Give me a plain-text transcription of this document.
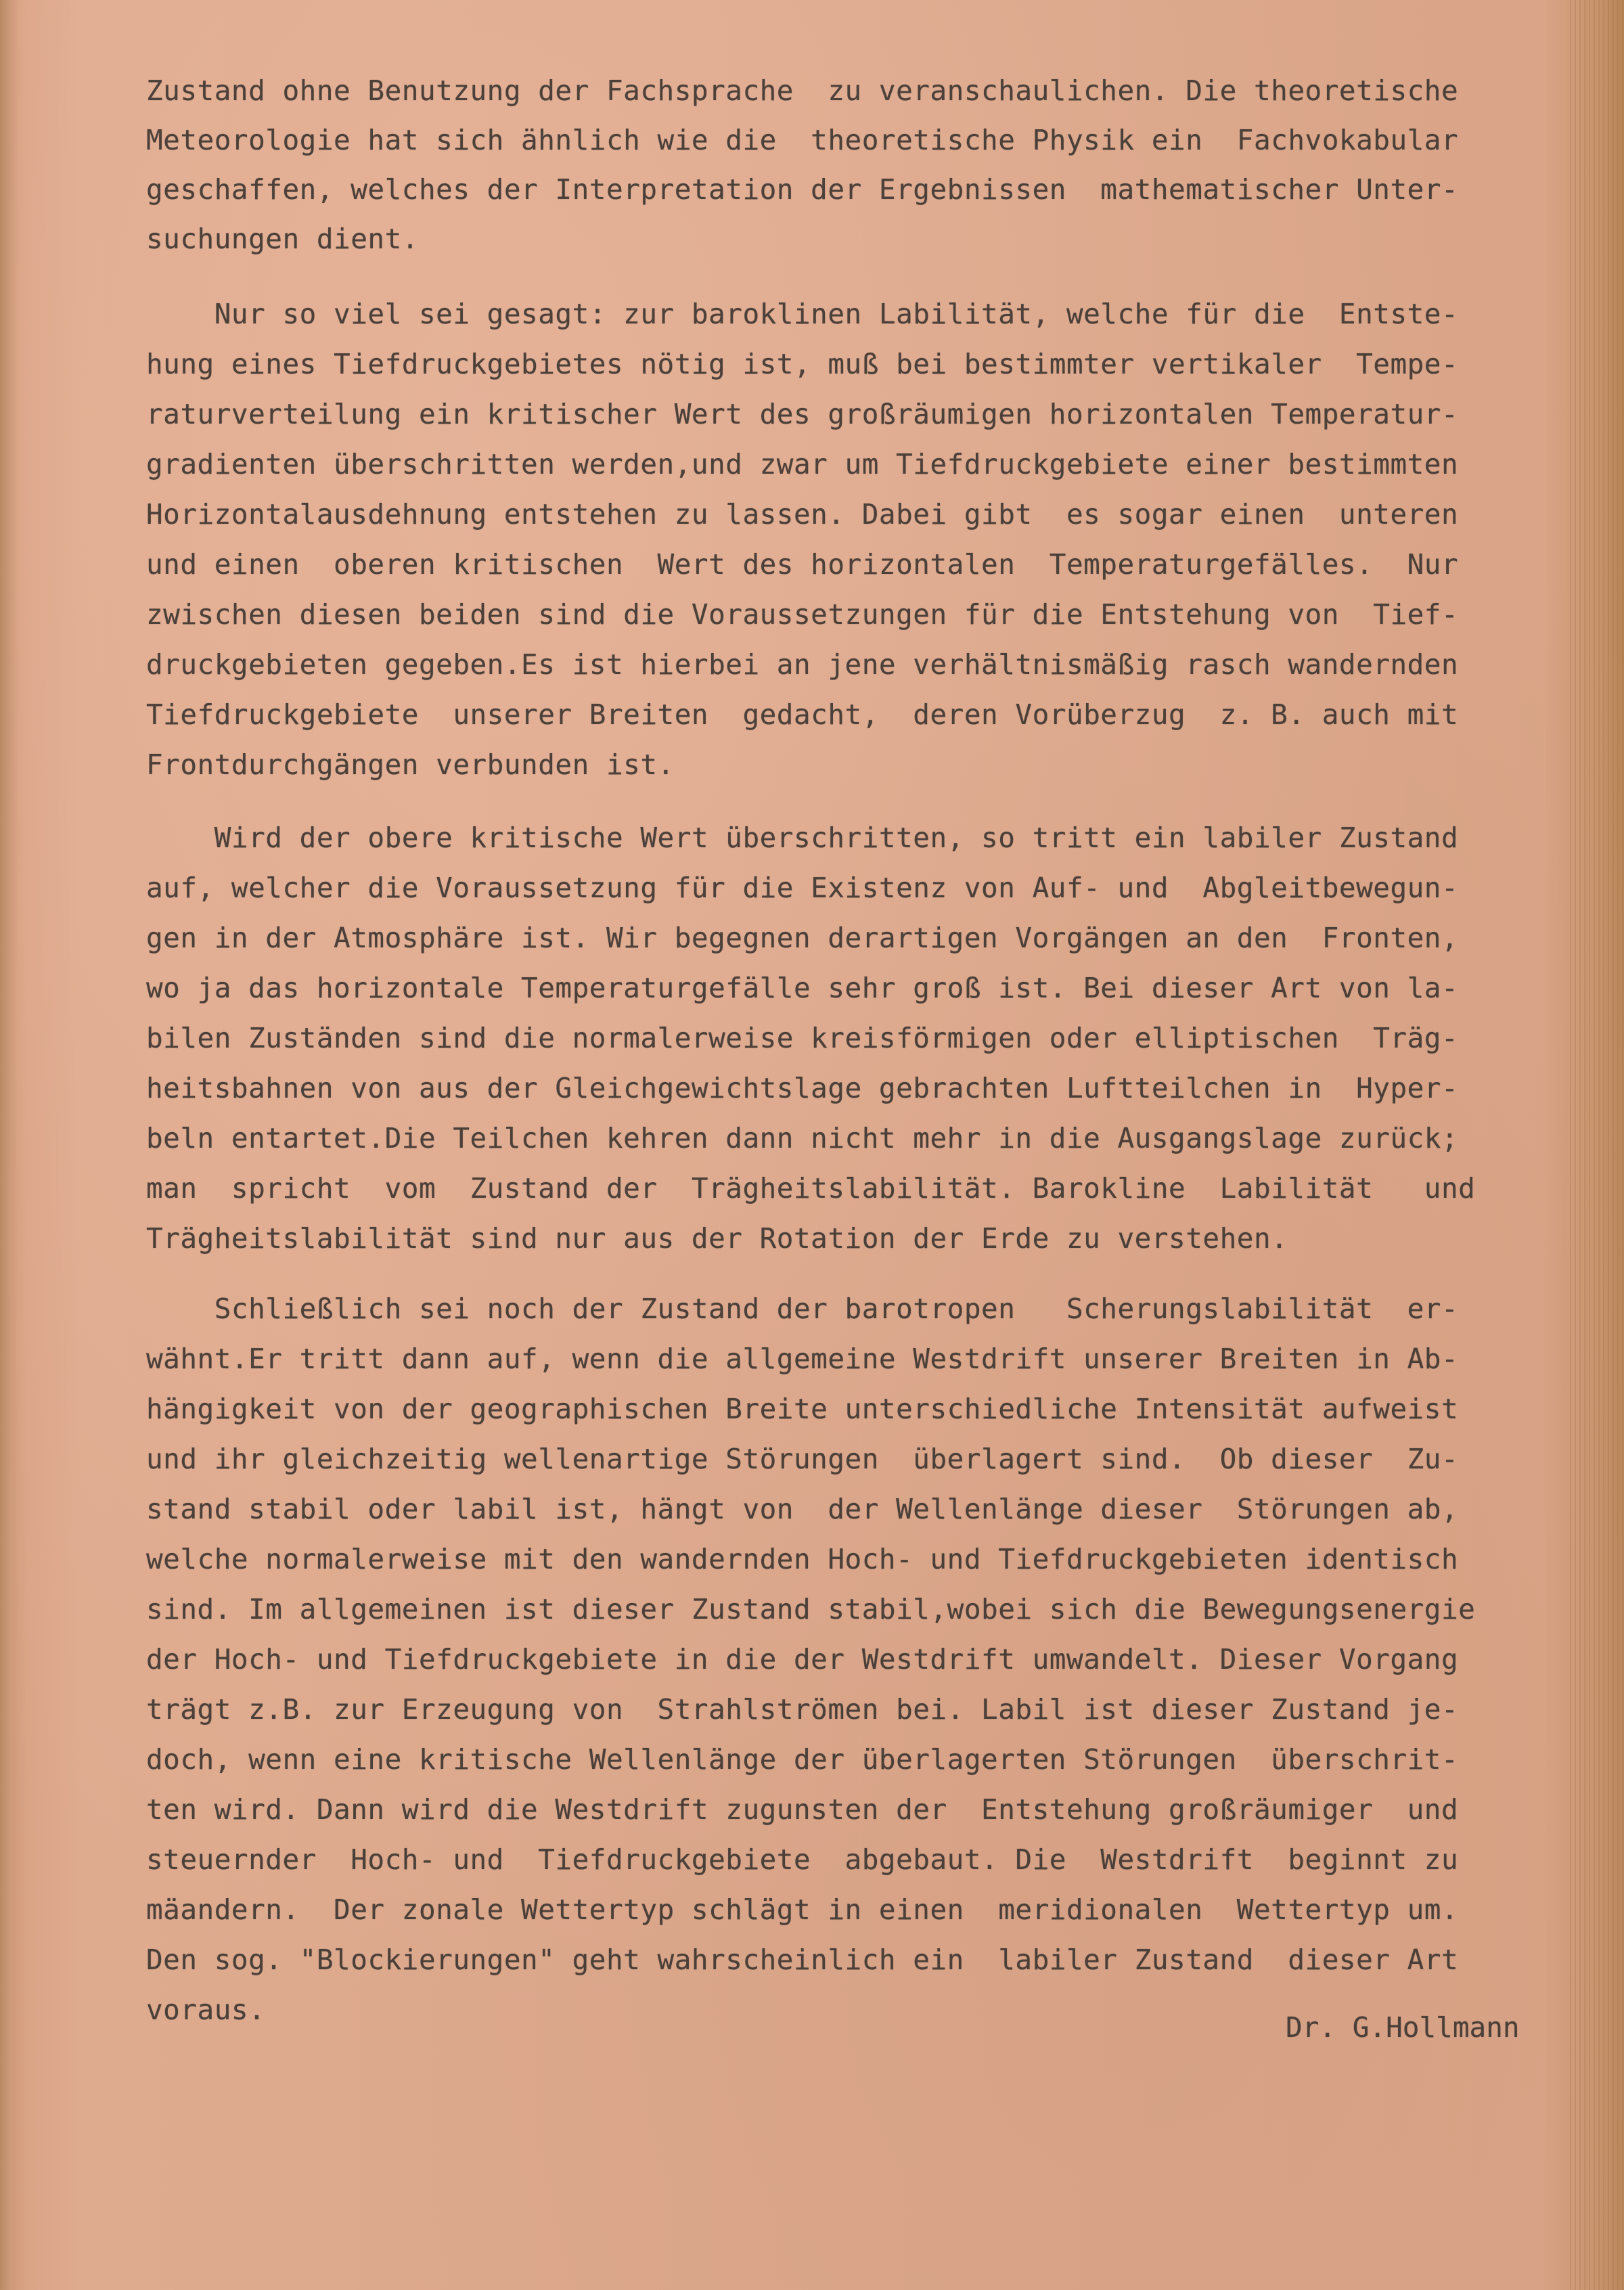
Zustand ohne Benutzung der Fachsprache  zu veranschaulichen. Die theoretische
Meteorologie hat sich ähnlich wie die  theoretische Physik ein  Fachvokabular
geschaffen, welches der Interpretation der Ergebnissen  mathematischer Unter-
suchungen dient.
Nur so viel sei gesagt: zur baroklinen Labilität, welche für die  Entste-
hung eines Tiefdruckgebietes nötig ist, muß bei bestimmter vertikaler  Tempe-
raturverteilung ein kritischer Wert des großräumigen horizontalen Temperatur-
gradienten überschritten werden,und zwar um Tiefdruckgebiete einer bestimmten
Horizontalausdehnung entstehen zu lassen. Dabei gibt  es sogar einen  unteren
und einen  oberen kritischen  Wert des horizontalen  Temperaturgefälles.  Nur
zwischen diesen beiden sind die Voraussetzungen für die Entstehung von  Tief-
druckgebieten gegeben.Es ist hierbei an jene verhältnismäßig rasch wandernden
Tiefdruckgebiete  unserer Breiten  gedacht,  deren Vorüberzug  z. B. auch mit
Frontdurchgängen verbunden ist.
Wird der obere kritische Wert überschritten, so tritt ein labiler Zustand
auf, welcher die Voraussetzung für die Existenz von Auf- und  Abgleitbewegun-
gen in der Atmosphäre ist. Wir begegnen derartigen Vorgängen an den  Fronten,
wo ja das horizontale Temperaturgefälle sehr groß ist. Bei dieser Art von la-
bilen Zuständen sind die normalerweise kreisförmigen oder elliptischen  Träg-
heitsbahnen von aus der Gleichgewichtslage gebrachten Luftteilchen in  Hyper-
beln entartet.Die Teilchen kehren dann nicht mehr in die Ausgangslage zurück;
man  spricht  vom  Zustand der  Trägheitslabilität. Barokline  Labilität   und
Trägheitslabilität sind nur aus der Rotation der Erde zu verstehen.
Schließlich sei noch der Zustand der barotropen   Scherungslabilität  er-
wähnt.Er tritt dann auf, wenn die allgemeine Westdrift unserer Breiten in Ab-
hängigkeit von der geographischen Breite unterschiedliche Intensität aufweist
und ihr gleichzeitig wellenartige Störungen  überlagert sind.  Ob dieser  Zu-
stand stabil oder labil ist, hängt von  der Wellenlänge dieser  Störungen ab,
welche normalerweise mit den wandernden Hoch- und Tiefdruckgebieten identisch
sind. Im allgemeinen ist dieser Zustand stabil,wobei sich die Bewegungsenergie
der Hoch- und Tiefdruckgebiete in die der Westdrift umwandelt. Dieser Vorgang
trägt z.B. zur Erzeugung von  Strahlströmen bei. Labil ist dieser Zustand je-
doch, wenn eine kritische Wellenlänge der überlagerten Störungen  überschrit-
ten wird. Dann wird die Westdrift zugunsten der  Entstehung großräumiger  und
steuernder  Hoch- und  Tiefdruckgebiete  abgebaut. Die  Westdrift  beginnt zu
mäandern.  Der zonale Wettertyp schlägt in einen  meridionalen  Wettertyp um.
Den sog. "Blockierungen" geht wahrscheinlich ein  labiler Zustand  dieser Art
voraus.
Dr. G.Hollmann
